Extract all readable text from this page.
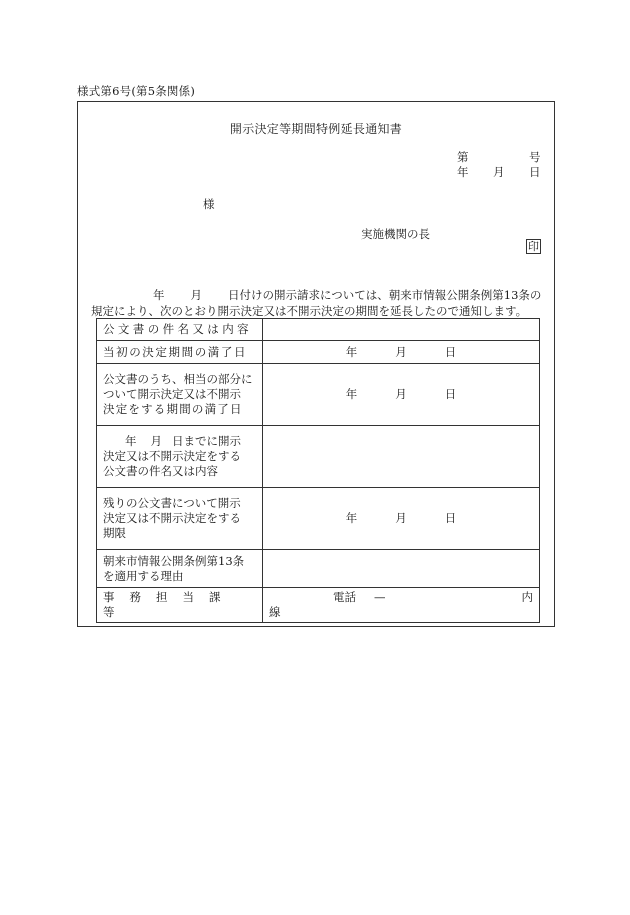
様式第6号(第5条関係)
開示決定等期間特例延長通知書
第	号
年 月 日
様
実施機関の長
印
年 月 日付けの開示請求については、朝来市情報公開条例第13条の
規定により、次のとおり開示決定又は不開示決定の期間を延長したので通知します。
公文書の件名又は内容	
当初の決定期間の満了日	年 月 日

公文書のうち、相当の部分に
ついて開示決定又は不開示
決定をする期間の満了日	年 月 日

年 月 日までに開示
決定又は不開示決定をする
公文書の件名又は内容	

残りの公文書について開示
決定又は不開示決定をする
期限	年 月 日

朝来市情報公開条例第13条
を適用する理由	

事務担当課等	電話 — 内線
